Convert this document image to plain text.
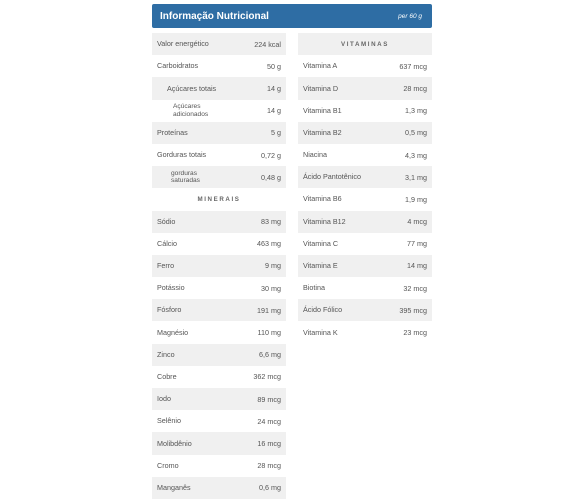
Informação Nutricional	per 60 g
Valor energético	224 kcal
Carboidratos	50 g
Açúcares totais	14 g
Açúcares adicionados	14 g
Proteínas	5 g
Gorduras totais	0,72 g
gorduras saturadas	0,48 g
MINERAIS
Sódio	83 mg
Cálcio	463 mg
Ferro	9 mg
Potássio	30 mg
Fósforo	191 mg
Magnésio	110 mg
Zinco	6,6 mg
Cobre	362 mcg
Iodo	89 mcg
Selênio	24 mcg
Molibdênio	16 mcg
Cromo	28 mcg
Manganês	0,6 mg
VITAMINAS
Vitamina A	637 mcg
Vitamina D	28 mcg
Vitamina B1	1,3 mg
Vitamina B2	0,5 mg
Niacina	4,3 mg
Ácido Pantotênico	3,1 mg
Vitamina B6	1,9 mg
Vitamina B12	4 mcg
Vitamina C	77 mg
Vitamina E	14 mg
Biotina	32 mcg
Ácido Fólico	395 mcg
Vitamina K	23 mcg
